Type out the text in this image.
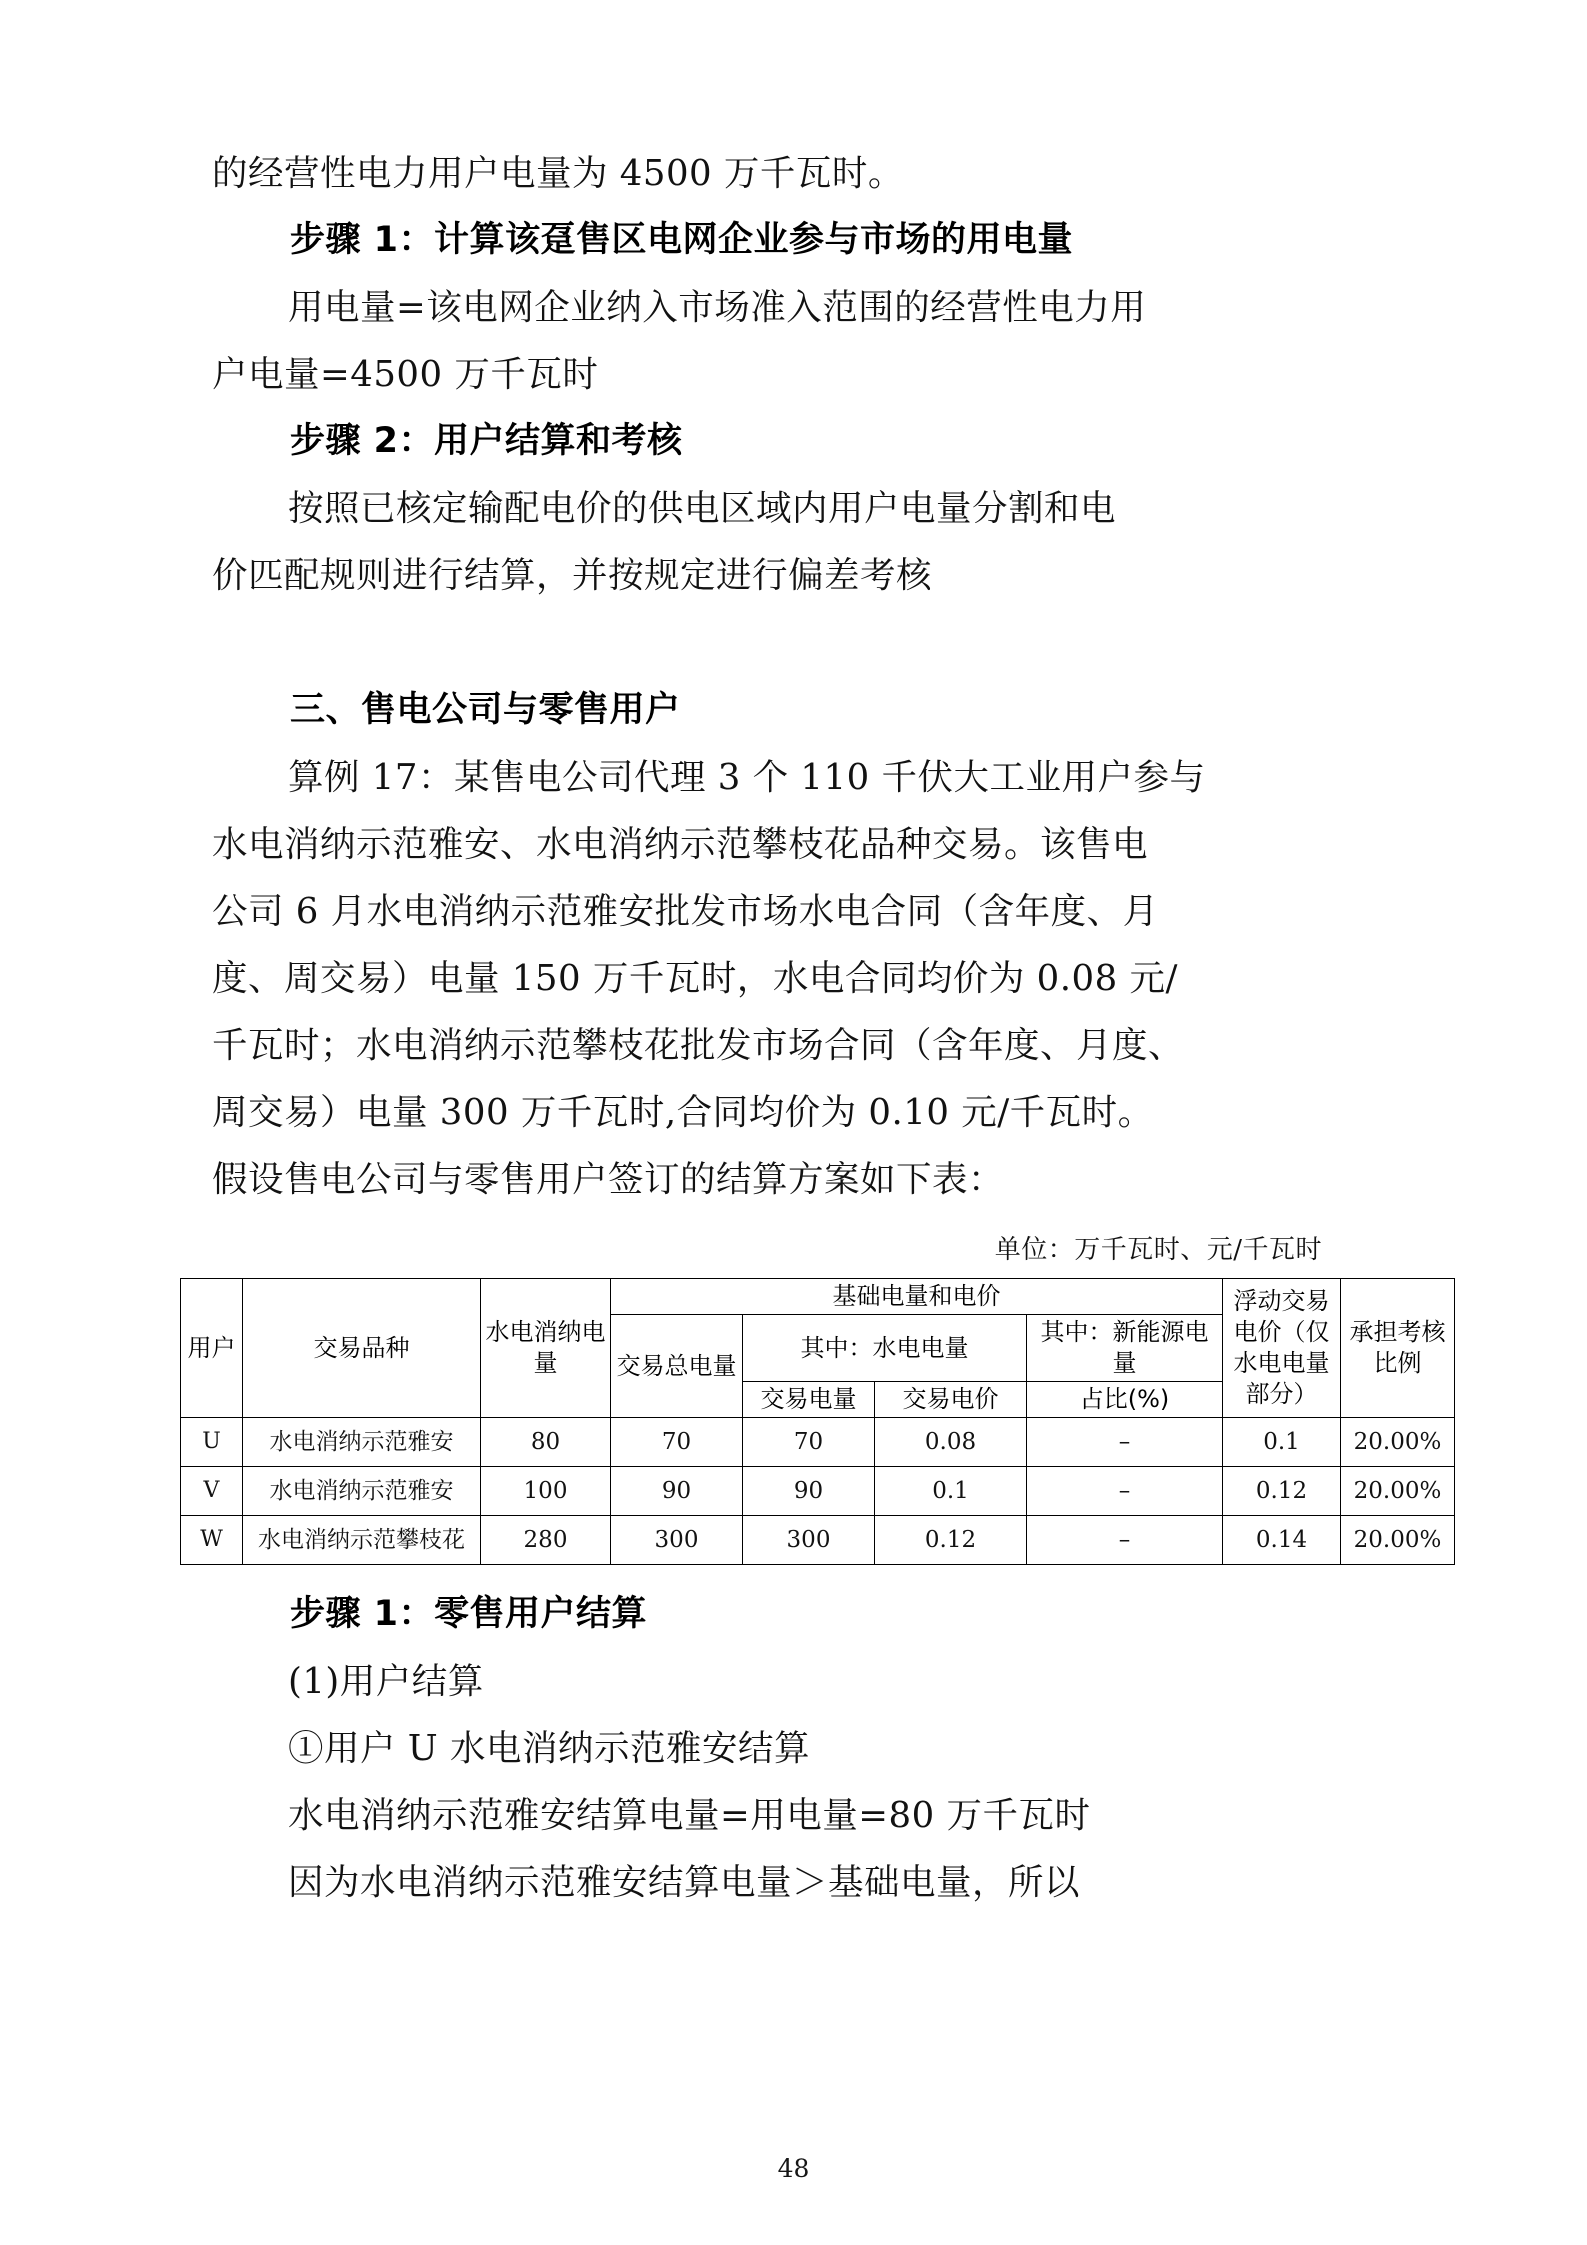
的经营性电力用户电量为 4500 万千瓦时。
步骤 1：计算该趸售区电网企业参与市场的用电量
用电量=该电网企业纳入市场准入范围的经营性电力用
户电量=4500 万千瓦时
步骤 2：用户结算和考核
按照已核定输配电价的供电区域内用户电量分割和电
价匹配规则进行结算，并按规定进行偏差考核
三、售电公司与零售用户
算例 17：某售电公司代理 3 个 110 千伏大工业用户参与
水电消纳示范雅安、水电消纳示范攀枝花品种交易。该售电
公司 6 月水电消纳示范雅安批发市场水电合同（含年度、月
度、周交易）电量 150 万千瓦时，水电合同均价为 0.08 元/
千瓦时；水电消纳示范攀枝花批发市场合同（含年度、月度、
周交易）电量 300 万千瓦时,合同均价为 0.10 元/千瓦时。
假设售电公司与零售用户签订的结算方案如下表：
单位：万千瓦时、元/千瓦时
用户	交易品种	水电消纳电量	基础电量和电价				浮动交易电价（仅水电电量部分）	承担考核比例
			交易总电量	其中：水电电量		其中：新能源电量		
				交易电量	交易电价	占比(%)		
U	水电消纳示范雅安	80	70	70	0.08	–	0.1	20.00%
V	水电消纳示范雅安	100	90	90	0.1	–	0.12	20.00%
W	水电消纳示范攀枝花	280	300	300	0.12	–	0.14	20.00%
步骤 1：零售用户结算
(1)用户结算
①用户 U 水电消纳示范雅安结算
水电消纳示范雅安结算电量=用电量=80 万千瓦时
因为水电消纳示范雅安结算电量＞基础电量，所以
48
